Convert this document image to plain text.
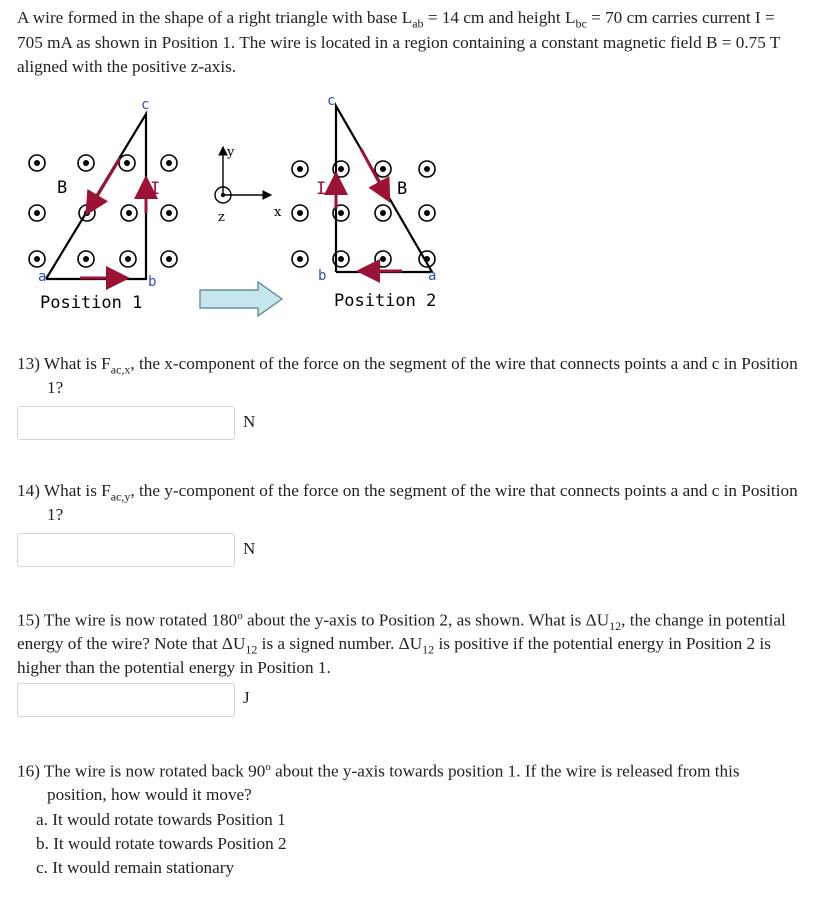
A wire formed in the shape of a right triangle with base $L_{ab} = 14$ cm and height $L_{bc} = 70$ cm carries current I = 705 mA as shown in Position 1. The wire is located in a region containing a constant magnetic field B = 0.75 T aligned with the positive z-axis.
c
a	b
B	I
Position 1
y
x
z
c
b	a
B
I
Position 2
13) What is $F_{ac,x}$, the x-component of the force on the segment of the wire that connects points a and c in Position 1?
N
14) What is $F_{ac,y}$, the y-component of the force on the segment of the wire that connects points a and c in Position 1?
N
15) The wire is now rotated 180$^o$ about the y-axis to Position 2, as shown. What is $\Delta U_{12}$, the change in potential energy of the wire? Note that $\Delta U_{12}$ is a signed number. $\Delta U_{12}$ is positive if the potential energy in Position 2 is higher than the potential energy in Position 1.
J
16) The wire is now rotated back 90$^o$ about the y-axis towards position 1. If the wire is released from this position, how would it move?
a. It would rotate towards Position 1
b. It would rotate towards Position 2
c. It would remain stationary
